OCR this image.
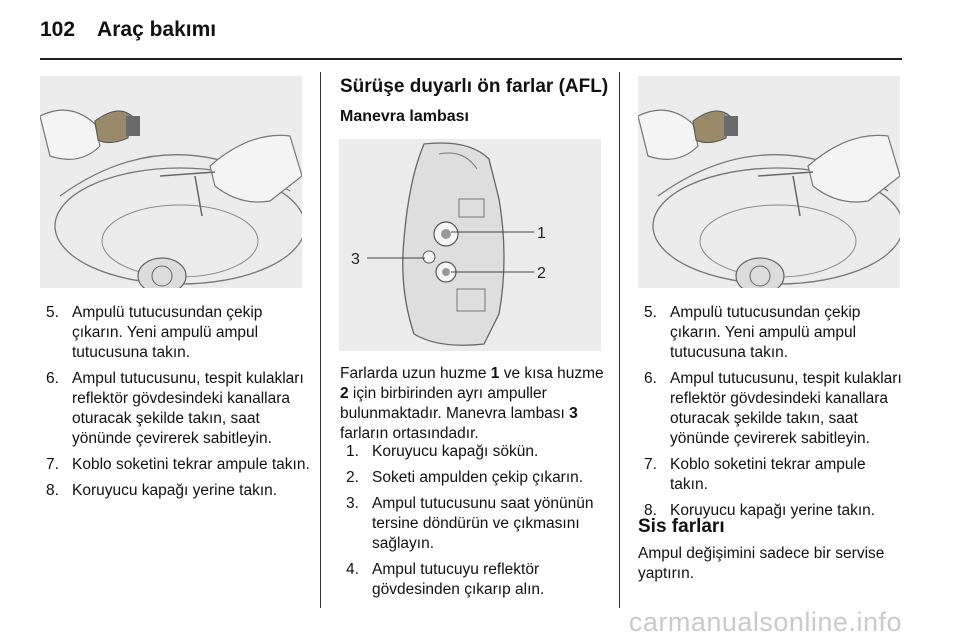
102 Araç bakımı
5. Ampulü tutucusundan çekip çıkarın. Yeni ampulü ampul tutucusuna takın.
6. Ampul tutucusunu, tespit kulakları reflektör gövdesindeki kanallara oturacak şekilde takın, saat yönünde çevirerek sabitleyin.
7. Koblo soketini tekrar ampule takın.
8. Koruyucu kapağı yerine takın.
Sürüşe duyarlı ön farlar (AFL)
Manevra lambası
1
2
3

Farlarda uzun huzme 1 ve kısa huzme 2 için birbirinden ayrı ampuller bulunmaktadır. Manevra lambası 3 farların ortasındadır.

1. Koruyucu kapağı sökün.
2. Soketi ampulden çekip çıkarın.
3. Ampul tutucusunu saat yönünün tersine döndürün ve çıkmasını sağlayın.
4. Ampul tutucuyu reflektör gövdesinden çıkarıp alın.
5. Ampulü tutucusundan çekip çıkarın. Yeni ampulü ampul tutucusuna takın.
6. Ampul tutucusunu, tespit kulakları reflektör gövdesindeki kanallara oturacak şekilde takın, saat yönünde çevirerek sabitleyin.
7. Koblo soketini tekrar ampule takın.
8. Koruyucu kapağı yerine takın.
Sis farları

Ampul değişimini sadece bir servise yaptırın.

carmanualsonline.info
